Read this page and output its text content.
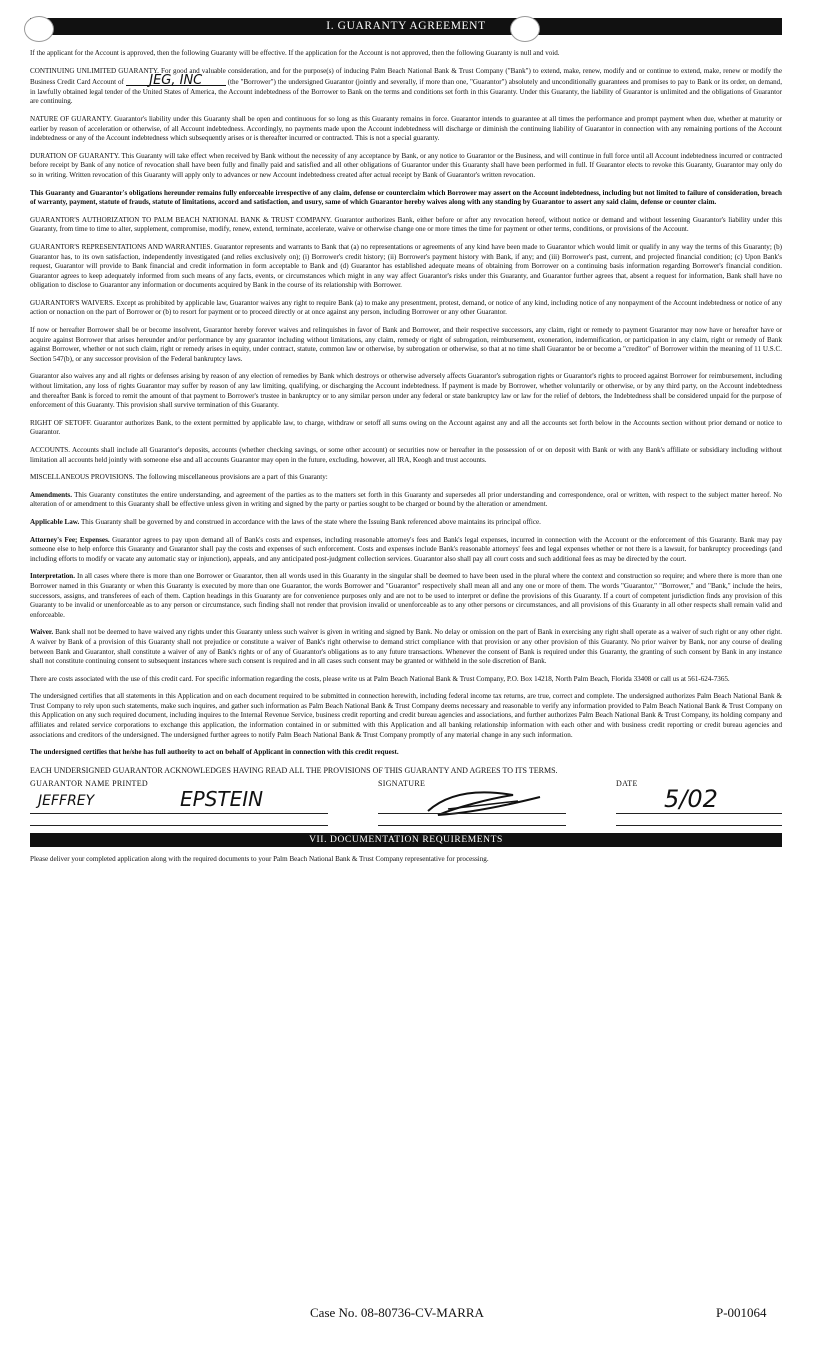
I. GUARANTY AGREEMENT

If the applicant for the Account is approved, then the following Guaranty will be effective. If the application for the Account is not approved, then the following Guaranty is null and void.

CONTINUING UNLIMITED GUARANTY. For good and valuable consideration, and for the purpose(s) of inducing Palm Beach National Bank & Trust Company ("Bank") to extend, make, renew, modify and or continue to extend, make, renew or modify the Business Credit Card Account of JEG, INC	(the "Borrower") the undersigned Guarantor (jointly and severally, if more than one, "Guarantor") absolutely and unconditionally guarantees and promises to pay to Bank or its order, on demand, in lawfully obtained legal tender of the United States of America, the Account indebtedness of the Borrower to Bank on the terms and conditions set forth in this Guaranty. Under this Guaranty, the liability of Guarantor is unlimited and the obligations of Guarantor are continuing.

NATURE OF GUARANTY. Guarantor's liability under this Guaranty shall be open and continuous for so long as this Guaranty remains in force. Guarantor intends to guarantee at all times the performance and prompt payment when due, whether at maturity or earlier by reason of acceleration or otherwise, of all Account indebtedness. Accordingly, no payments made upon the Account indebtedness will discharge or diminish the continuing liability of Guarantor in connection with any remaining portions of the Account indebtedness or any of the Account indebtedness which subsequently arises or is thereafter incurred or contracted. This is not a special guaranty.

DURATION OF GUARANTY. This Guaranty will take effect when received by Bank without the necessity of any acceptance by Bank, or any notice to Guarantor or the Business, and will continue in full force until all Account indebtedness incurred or contracted before receipt by Bank of any notice of revocation shall have been fully and finally paid and satisfied and all other obligations of Guarantor under this Guaranty shall have been performed in full. If Guarantor elects to revoke this Guaranty, Guarantor may only do so in writing. Written revocation of this Guaranty will apply only to advances or new Account indebtedness created after actual receipt by Bank of Guarantor's written revocation.

This Guaranty and Guarantor's obligations hereunder remains fully enforceable irrespective of any claim, defense or counterclaim which Borrower may assert on the Account indebtedness, including but not limited to failure of consideration, breach of warranty, payment, statute of frauds, statute of limitations, accord and satisfaction, and usury, same of which Guarantor hereby waives along with any standing by Guarantor to assert any said claim, defense or counter claim.

GUARANTOR'S AUTHORIZATION TO PALM BEACH NATIONAL BANK & TRUST COMPANY. Guarantor authorizes Bank, either before or after any revocation hereof, without notice or demand and without lessening Guarantor's liability under this Guaranty, from time to time to alter, supplement, compromise, modify, renew, extend, terminate, accelerate, waive or otherwise change one or more times the time for payment or other terms, conditions, or provisions of the Account.

GUARANTOR'S REPRESENTATIONS AND WARRANTIES. Guarantor represents and warrants to Bank that (a) no representations or agreements of any kind have been made to Guarantor which would limit or qualify in any way the terms of this Guaranty; (b) Guarantor has, to its own satisfaction, independently investigated (and relies exclusively on); (i) Borrower's credit history; (ii) Borrower's payment history with Bank, if any; and (iii) Borrower's past, current, and projected financial condition; (c) Upon Bank's request, Guarantor will provide to Bank financial and credit information in form acceptable to Bank and (d) Guarantor has established adequate means of obtaining from Borrower on a continuing basis information regarding Borrower's financial condition. Guarantor agrees to keep adequately informed from such means of any facts, events, or circumstances which might in any way affect Guarantor's risks under this Guaranty, and Guarantor further agrees that, absent a request for information, Bank shall have no obligation to disclose to Guarantor any information or documents acquired by Bank in the course of its relationship with Borrower.

GUARANTOR'S WAIVERS. Except as prohibited by applicable law, Guarantor waives any right to require Bank (a) to make any presentment, protest, demand, or notice of any kind, including notice of any nonpayment of the Account indebtedness or notice of any action or nonaction on the part of Borrower or (b) to resort for payment or to proceed directly or at once against any person, including Borrower or any other Guarantor.

If now or hereafter Borrower shall be or become insolvent, Guarantor hereby forever waives and relinquishes in favor of Bank and Borrower, and their respective successors, any claim, right or remedy to payment Guarantor may now have or hereafter have or acquire against Borrower that arises hereunder and/or performance by any guarantor including without limitations, any claim, remedy or right of subrogation, reimbursement, exoneration, indemnification, or participation in any claim, right or remedy of Bank against Borrower, whether or not such claim, right or remedy arises in equity, under contract, statute, common law or otherwise, by subrogation or otherwise, so that at no time shall Guarantor be or become a "creditor" of Borrower within the meaning of 11 U.S.C. Section 547(b), or any successor provision of the Federal bankruptcy laws.

Guarantor also waives any and all rights or defenses arising by reason of any election of remedies by Bank which destroys or otherwise adversely affects Guarantor's subrogation rights or Guarantor's rights to proceed against Borrower for reimbursement, including without limitation, any loss of rights Guarantor may suffer by reason of any law limiting, qualifying, or discharging the Account indebtedness. If payment is made by Borrower, whether voluntarily or otherwise, or by any third party, on the Account indebtedness and thereafter Bank is forced to remit the amount of that payment to Borrower's trustee in bankruptcy or to any similar person under any federal or state bankruptcy law or law for the relief of debtors, the Indebtedness shall be considered unpaid for the purpose of enforcement of this Guaranty. This provision shall survive termination of this Guaranty.

RIGHT OF SETOFF. Guarantor authorizes Bank, to the extent permitted by applicable law, to charge, withdraw or setoff all sums owing on the Account against any and all the accounts set forth below in the Accounts section without prior demand or notice to Guarantor.

ACCOUNTS. Accounts shall include all Guarantor's deposits, accounts (whether checking savings, or some other account) or securities now or hereafter in the possession of or on deposit with Bank or with any Bank's affiliate or subsidiary including without limitation all accounts held jointly with someone else and all accounts Guarantor may open in the future, excluding, however, all IRA, Keogh and trust accounts.

MISCELLANEOUS PROVISIONS. The following miscellaneous provisions are a part of this Guaranty:

Amendments. This Guaranty constitutes the entire understanding, and agreement of the parties as to the matters set forth in this Guaranty and supersedes all prior understanding and correspondence, oral or written, with respect to the subject matter hereof. No alteration of or amendment to this Guaranty shall be effective unless given in writing and signed by the party or parties sought to be charged or bound by the alteration or amendment.

Applicable Law. This Guaranty shall be governed by and construed in accordance with the laws of the state where the Issuing Bank referenced above maintains its principal office.

Attorney's Fee; Expenses. Guarantor agrees to pay upon demand all of Bank's costs and expenses, including reasonable attorney's fees and Bank's legal expenses, incurred in connection with the Account or the enforcement of this Guaranty. Bank may pay someone else to help enforce this Guaranty and Guarantor shall pay the costs and expenses of such enforcement. Costs and expenses include Bank's reasonable attorneys' fees and legal expenses whether or not there is a lawsuit, for bankruptcy proceedings (and including efforts to modify or vacate any automatic stay or injunction), appeals, and any anticipated post-judgment collection services. Guarantor also shall pay all court costs and such additional fees as may be directed by the court.

Interpretation. In all cases where there is more than one Borrower or Guarantor, then all words used in this Guaranty in the singular shall be deemed to have been used in the plural where the context and construction so require; and where there is more than one Borrower named in this Guaranty or when this Guaranty is executed by more than one Guarantor, the words Borrower and "Guarantor" respectively shall mean all and any one or more of them. The words "Guarantor," "Borrower," and "Bank," include the heirs, successors, assigns, and transferees of each of them. Caption headings in this Guaranty are for convenience purposes only and are not to be used to interpret or define the provisions of this Guaranty. If a court of competent jurisdiction finds any provision of this Guaranty to be invalid or unenforceable as to any person or circumstance, such finding shall not render that provision invalid or unenforceable as to any other persons or circumstances, and all provisions of this Guaranty in all other respects shall remain valid and enforceable.

Waiver. Bank shall not be deemed to have waived any rights under this Guaranty unless such waiver is given in writing and signed by Bank. No delay or omission on the part of Bank in exercising any right shall operate as a waiver of such right or any other right. A waiver by Bank of a provision of this Guaranty shall not prejudice or constitute a waiver of Bank's right otherwise to demand strict compliance with that provision or any other provision of this Guaranty. No prior waiver by Bank, nor any course of dealing between Bank and Guarantor, shall constitute a waiver of any of Bank's rights or of any of Guarantor's obligations as to any future transactions. Whenever the consent of Bank is required under this Guaranty, the granting of such consent by Bank in any instance shall not constitute continuing consent to subsequent instances where such consent is required and in all cases such consent may be granted or withheld in the sole discretion of Bank.

There are costs associated with the use of this credit card. For specific information regarding the costs, please write us at Palm Beach National Bank & Trust Company, P.O. Box 14218, North Palm Beach, Florida 33408 or call us at 561-624-7365.

The undersigned certifies that all statements in this Application and on each document required to be submitted in connection herewith, including federal income tax returns, are true, correct and complete. The undersigned authorizes Palm Beach National Bank & Trust Company to rely upon such statements, make such inquires, and gather such information as Palm Beach National Bank & Trust Company deems necessary and reasonable to verify any information provided to Palm Beach National Bank & Trust Company on this Application on any such required document, including inquires to the Internal Revenue Service, business credit reporting and credit bureau agencies and associations, and further authorizes Palm Beach National Bank & Trust Company, its holding company and affiliates and related service corporations to exchange this application, the information contained in or submitted with this Application and all banking relationship information with each other and with business credit reporting or credit bureau agencies and associations and creditors of the undersigned. The undersigned further agrees to notify Palm Beach National Bank & Trust Company promptly of any material change in any such information.

The undersigned certifies that he/she has full authority to act on behalf of Applicant in connection with this credit request.

EACH UNDERSIGNED GUARANTOR ACKNOWLEDGES HAVING READ ALL THE PROVISIONS OF THIS GUARANTY AND AGREES TO ITS TERMS.

GUARANTOR NAME PRINTED
JEFFREY	EPSTEIN
SIGNATURE	DATE
5/02
VII. DOCUMENTATION REQUIREMENTS

Please deliver your completed application along with the required documents to your Palm Beach National Bank & Trust Company representative for processing.

Case No. 08-80736-CV-MARRA	P-001064
